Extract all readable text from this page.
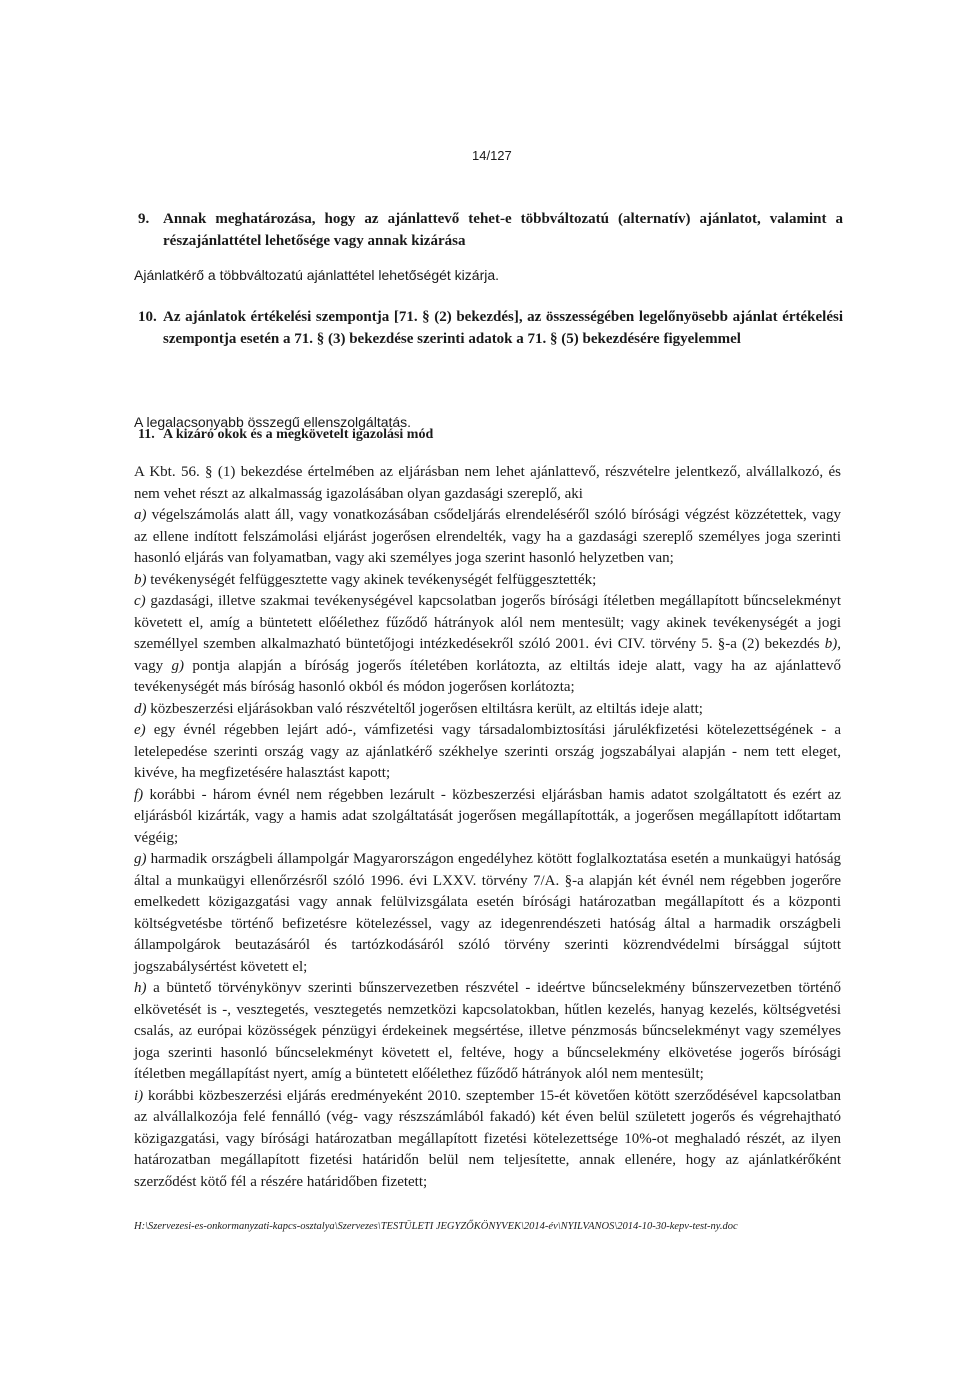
14/127
9. Annak meghatározása, hogy az ajánlattevő tehet-e többváltozatú (alternatív) ajánlatot, valamint a részajánlattétel lehetősége vagy annak kizárása
Ajánlatkérő a többváltozatú ajánlattétel lehetőségét kizárja.
10. Az ajánlatok értékelési szempontja [71. § (2) bekezdés], az összességében legelőnyösebb ajánlat értékelési szempontja esetén a 71. § (3) bekezdése szerinti adatok a 71. § (5) bekezdésére figyelemmel
A legalacsonyabb összegű ellenszolgáltatás.
11. A kizáró okok és a megkövetelt igazolási mód

A Kbt. 56. § (1) bekezdése értelmében az eljárásban nem lehet ajánlattevő, részvételre jelentkező, alvállalkozó, és nem vehet részt az alkalmasság igazolásában olyan gazdasági szereplő, aki

a) végelszámolás alatt áll, vagy vonatkozásában csődeljárás elrendeléséről szóló bírósági végzést közzétettek, vagy az ellene indított felszámolási eljárást jogerősen elrendelték, vagy ha a gazdasági szereplő személyes joga szerinti hasonló eljárás van folyamatban, vagy aki személyes joga szerint hasonló helyzetben van;

b) tevékenységét felfüggesztette vagy akinek tevékenységét felfüggesztették;

c) gazdasági, illetve szakmai tevékenységével kapcsolatban jogerős bírósági ítéletben megállapított bűncselekményt követett el, amíg a büntetett előélethez fűződő hátrányok alól nem mentesült; vagy akinek tevékenységét a jogi személlyel szemben alkalmazható büntetőjogi intézkedésekről szóló 2001. évi CIV. törvény 5. §-a (2) bekezdés b), vagy g) pontja alapján a bíróság jogerős ítéletében korlátozta, az eltiltás ideje alatt, vagy ha az ajánlattevő tevékenységét más bíróság hasonló okból és módon jogerősen korlátozta;

d) közbeszerzési eljárásokban való részvételtől jogerősen eltiltásra került, az eltiltás ideje alatt;

e) egy évnél régebben lejárt adó-, vámfizetési vagy társadalombiztosítási járulékfizetési kötelezettségének - a letelepedése szerinti ország vagy az ajánlatkérő székhelye szerinti ország jogszabályai alapján - nem tett eleget, kivéve, ha megfizetésére halasztást kapott;

f) korábbi - három évnél nem régebben lezárult - közbeszerzési eljárásban hamis adatot szolgáltatott és ezért az eljárásból kizárták, vagy a hamis adat szolgáltatását jogerősen megállapították, a jogerősen megállapított időtartam végéig;

g) harmadik országbeli állampolgár Magyarországon engedélyhez kötött foglalkoztatása esetén a munkaügyi hatóság által a munkaügyi ellenőrzésről szóló 1996. évi LXXV. törvény 7/A. §-a alapján két évnél nem régebben jogerőre emelkedett közigazgatási vagy annak felülvizsgálata esetén bírósági határozatban megállapított és a központi költségvetésbe történő befizetésre kötelezéssel, vagy az idegenrendészeti hatóság által a harmadik országbeli állampolgárok beutazásáról és tartózkodásáról szóló törvény szerinti közrendvédelmi bírsággal sújtott jogszabálysértést követett el;

h) a büntető törvénykönyv szerinti bűnszervezetben részvétel - ideértve bűncselekmény bűnszervezetben történő elkövetését is -, vesztegetés, vesztegetés nemzetközi kapcsolatokban, hűtlen kezelés, hanyag kezelés, költségvetési csalás, az európai közösségek pénzügyi érdekeinek megsértése, illetve pénzmosás bűncselekményt vagy személyes joga szerinti hasonló bűncselekményt követett el, feltéve, hogy a bűncselekmény elkövetése jogerős bírósági ítéletben megállapítást nyert, amíg a büntetett előélethez fűződő hátrányok alól nem mentesült;

i) korábbi közbeszerzési eljárás eredményeként 2010. szeptember 15-ét követően kötött szerződésével kapcsolatban az alvállalkozója felé fennálló (vég- vagy részszámlából fakadó) két éven belül született jogerős és végrehajtható közigazgatási, vagy bírósági határozatban megállapított fizetési kötelezettsége 10%-ot meghaladó részét, az ilyen határozatban megállapított fizetési határidőn belül nem teljesítette, annak ellenére, hogy az ajánlatkérőként szerződést kötő fél a részére határidőben fizetett;

H:\Szervezesi-es-onkormanyzati-kapcs-osztalya\Szervezes\TESTÜLETI JEGYZŐKÖNYVEK\2014-év\NYILVANOS\2014-10-30-kepv-test-ny.doc
